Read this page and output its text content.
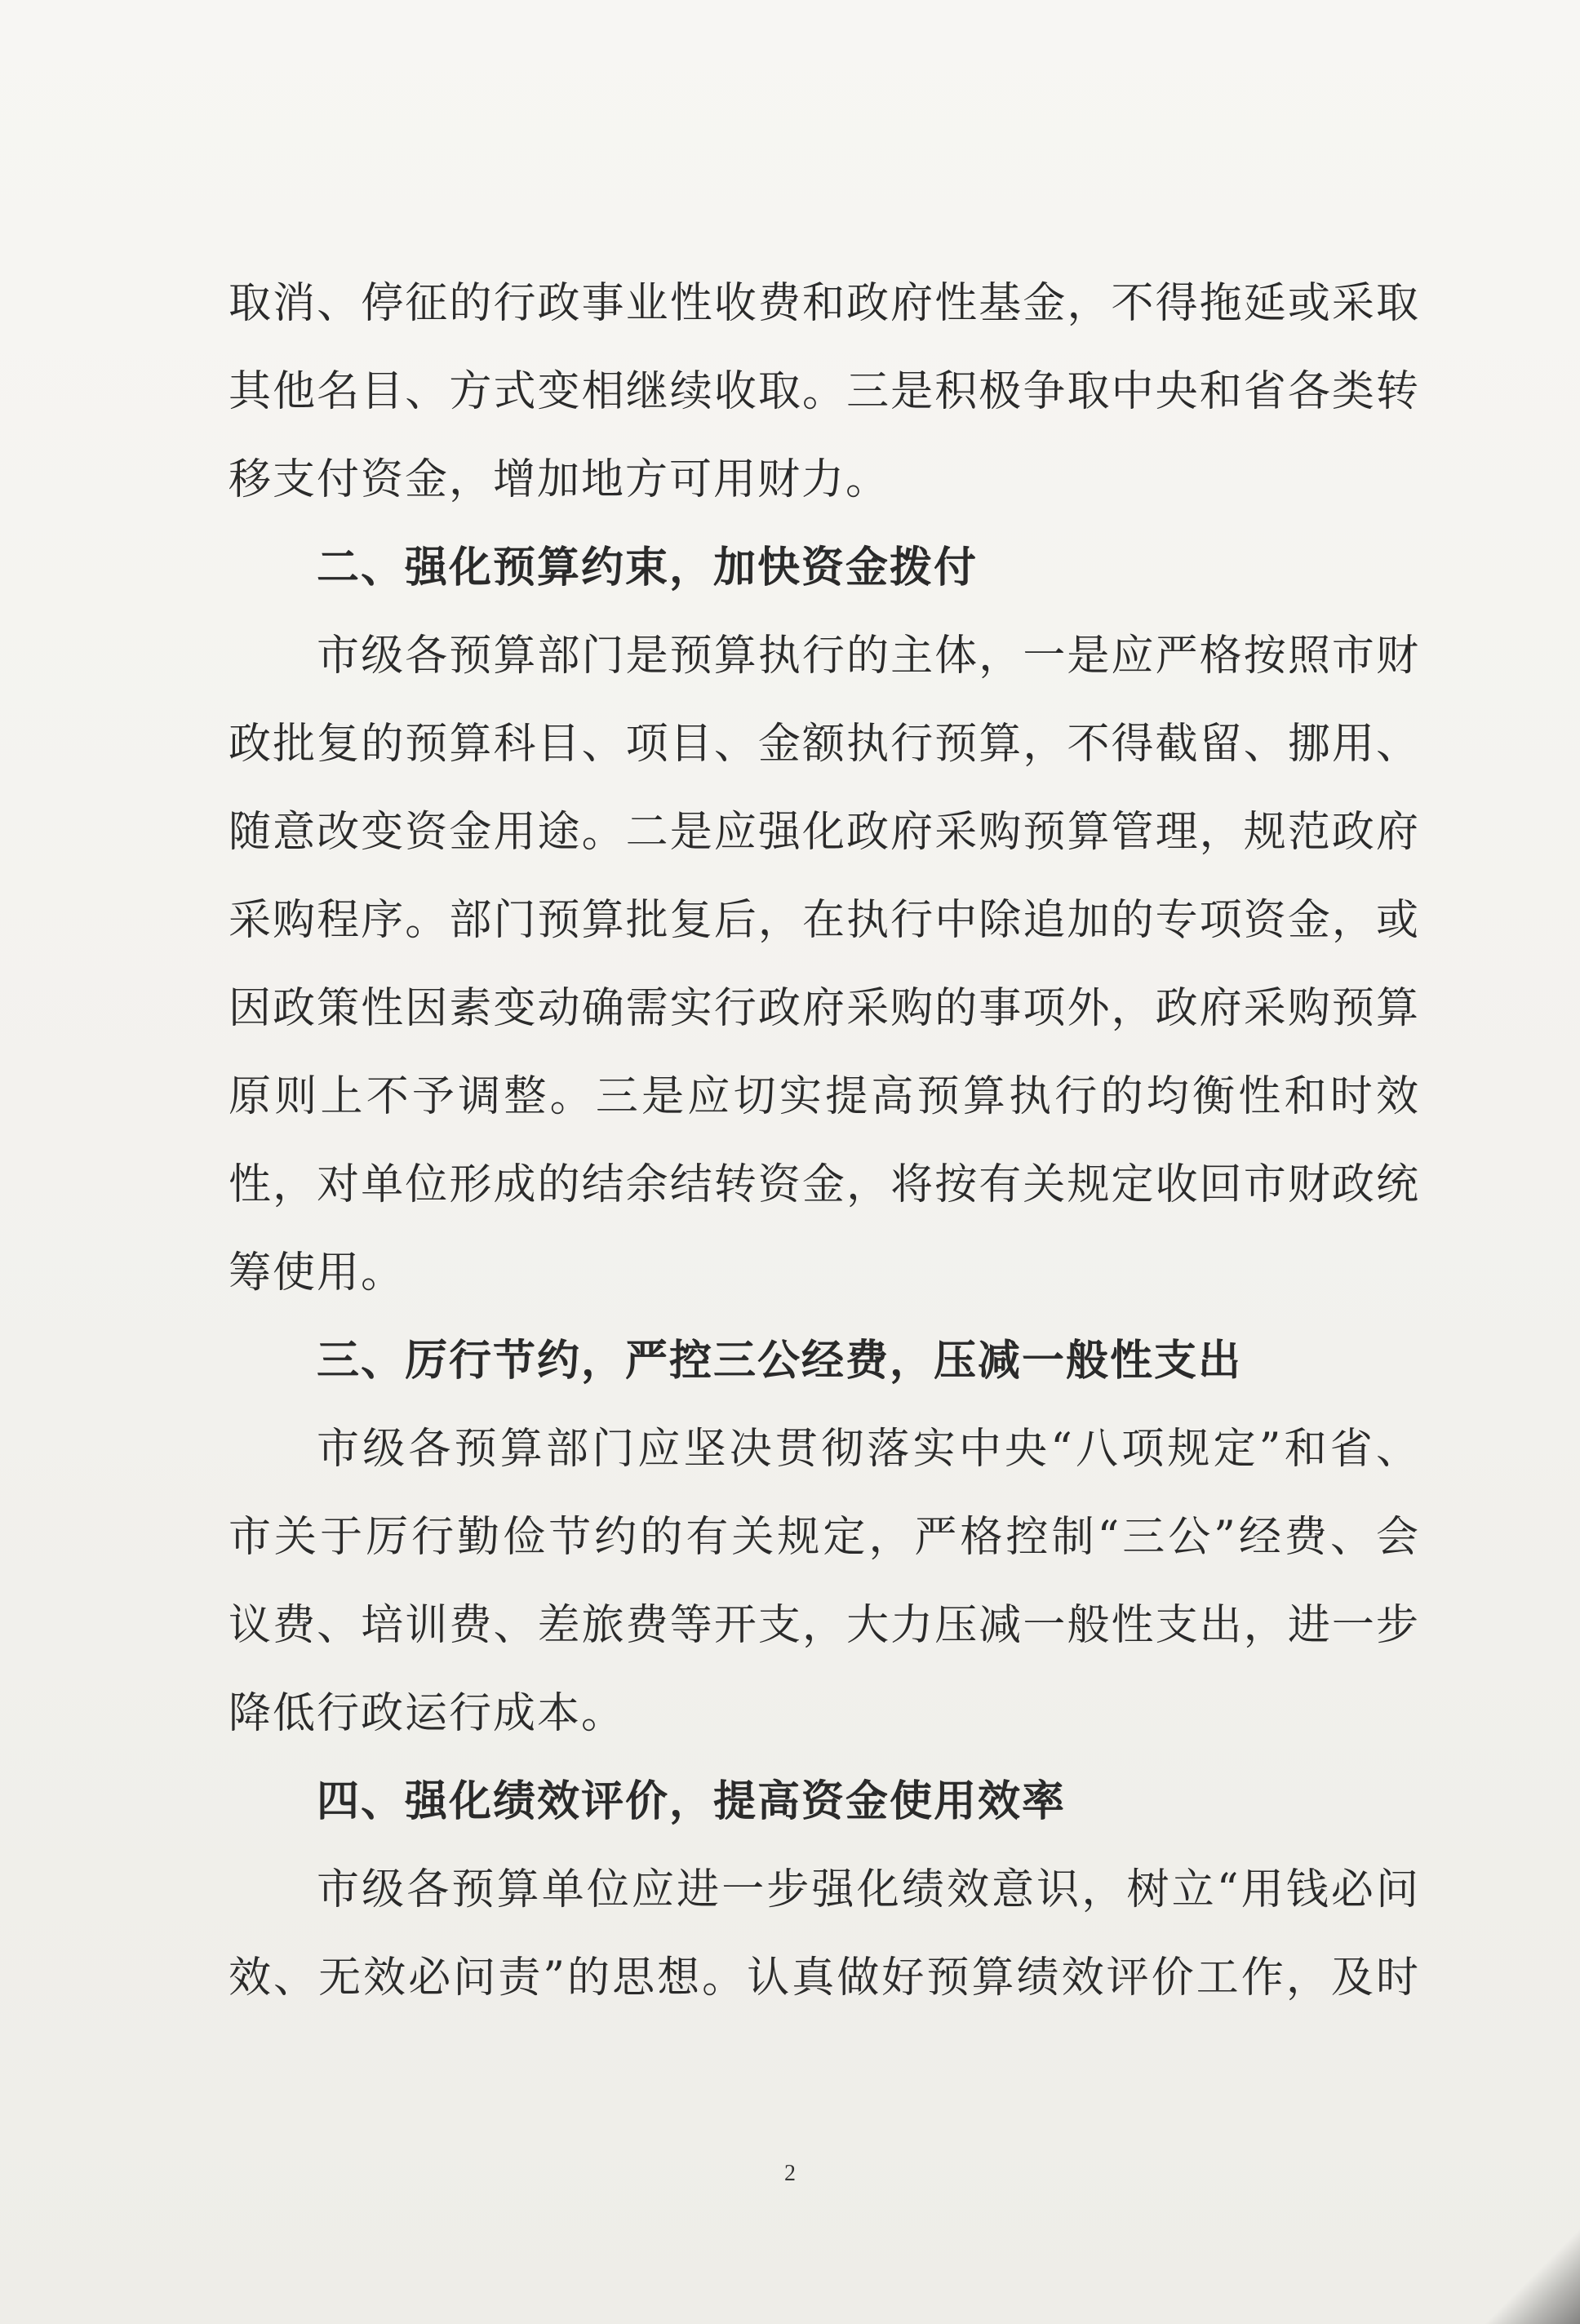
取消、停征的行政事业性收费和政府性基金，不得拖延或采取
其他名目、方式变相继续收取。三是积极争取中央和省各类转
移支付资金，增加地方可用财力。
二、强化预算约束，加快资金拨付
市级各预算部门是预算执行的主体，一是应严格按照市财
政批复的预算科目、项目、金额执行预算，不得截留、挪用、
随意改变资金用途。二是应强化政府采购预算管理，规范政府
采购程序。部门预算批复后，在执行中除追加的专项资金，或
因政策性因素变动确需实行政府采购的事项外，政府采购预算
原则上不予调整。三是应切实提高预算执行的均衡性和时效
性，对单位形成的结余结转资金，将按有关规定收回市财政统
筹使用。
三、厉行节约，严控三公经费，压减一般性支出
市级各预算部门应坚决贯彻落实中央“八项规定”和省、
市关于厉行勤俭节约的有关规定，严格控制“三公”经费、会
议费、培训费、差旅费等开支，大力压减一般性支出，进一步
降低行政运行成本。
四、强化绩效评价，提高资金使用效率
市级各预算单位应进一步强化绩效意识，树立“用钱必问
效、无效必问责”的思想。认真做好预算绩效评价工作，及时
2
